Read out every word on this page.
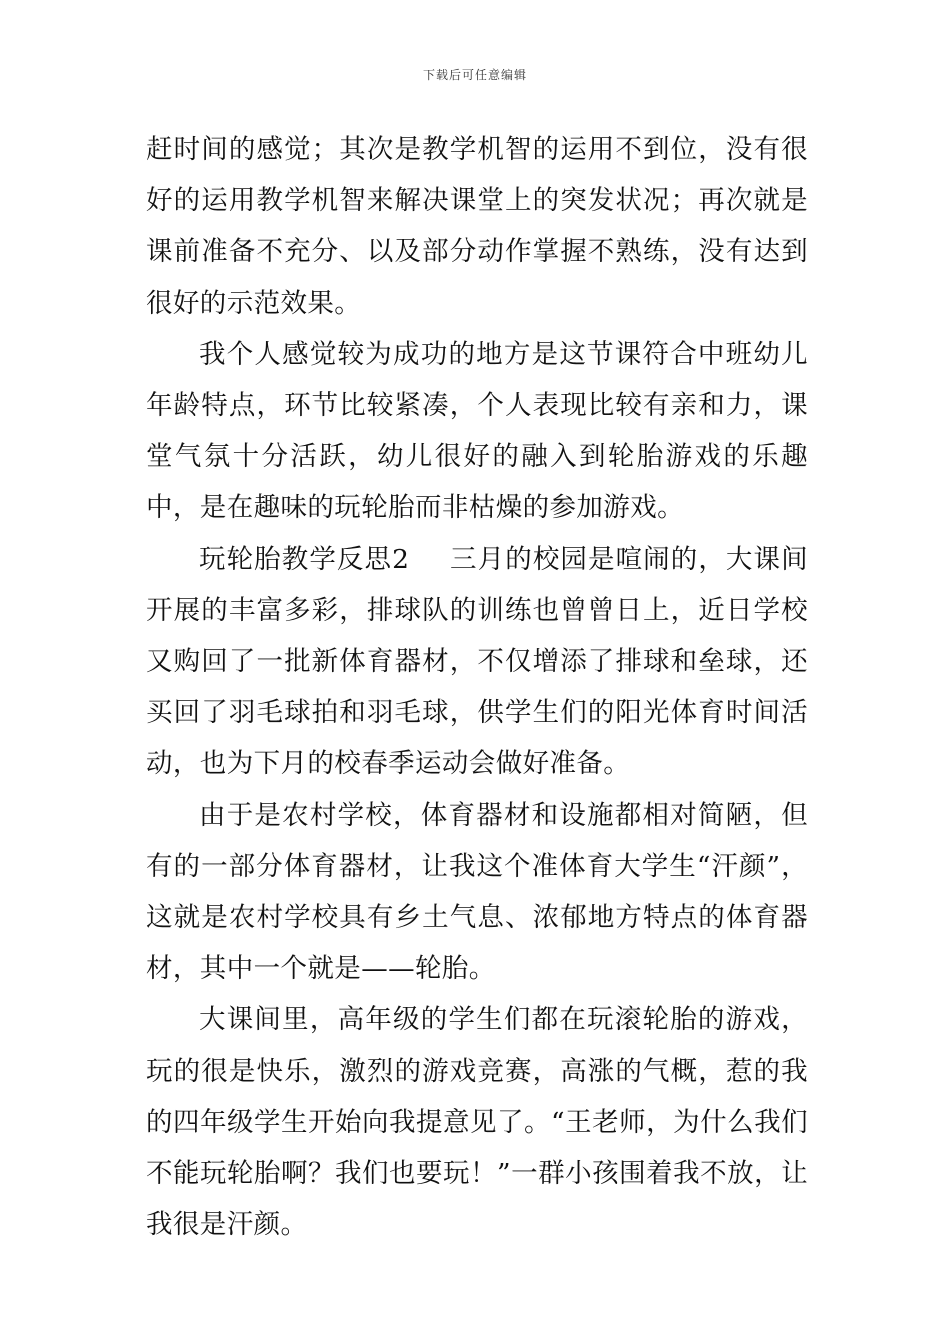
下载后可任意编辑

赶时间的感觉；其次是教学机智的运用不到位，没有很好的运用教学机智来解决课堂上的突发状况；再次就是课前准备不充分、以及部分动作掌握不熟练，没有达到很好的示范效果。

我个人感觉较为成功的地方是这节课符合中班幼儿年龄特点，环节比较紧凑，个人表现比较有亲和力，课堂气氛十分活跃，幼儿很好的融入到轮胎游戏的乐趣中，是在趣味的玩轮胎而非枯燥的参加游戏。

玩轮胎教学反思2 三月的校园是喧闹的，大课间开展的丰富多彩，排球队的训练也曾曾日上，近日学校又购回了一批新体育器材，不仅增添了排球和垒球，还买回了羽毛球拍和羽毛球，供学生们的阳光体育时间活动，也为下月的校春季运动会做好准备。

由于是农村学校，体育器材和设施都相对简陋，但有的一部分体育器材，让我这个准体育大学生“汗颜”，这就是农村学校具有乡土气息、浓郁地方特点的体育器材，其中一个就是——轮胎。

大课间里，高年级的学生们都在玩滚轮胎的游戏，玩的很是快乐，激烈的游戏竞赛，高涨的气概，惹的我的四年级学生开始向我提意见了。“王老师，为什么我们不能玩轮胎啊？我们也要玩！”一群小孩围着我不放，让我很是汗颜。
